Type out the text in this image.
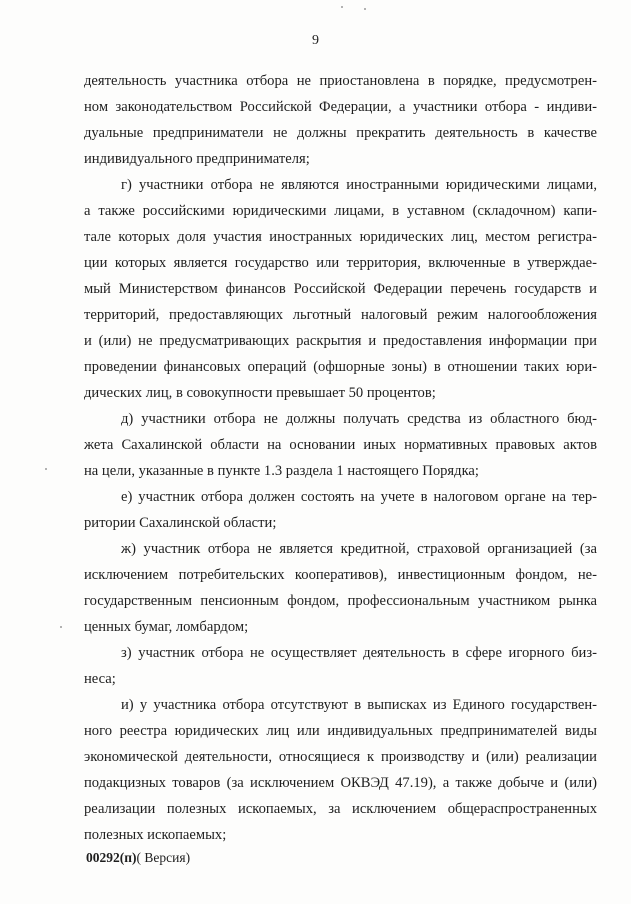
9
деятельность участника отбора не приостановлена в порядке, предусмотрен-
ном законодательством Российской Федерации, а участники отбора - индиви-
дуальные предприниматели не должны прекратить деятельность в качестве
индивидуального предпринимателя;
г) участники отбора не являются иностранными юридическими лицами,
а также российскими юридическими лицами, в уставном (складочном) капи-
тале которых доля участия иностранных юридических лиц, местом регистра-
ции которых является государство или территория, включенные в утверждае-
мый Министерством финансов Российской Федерации перечень государств и
территорий, предоставляющих льготный налоговый режим налогообложения
и (или) не предусматривающих раскрытия и предоставления информации при
проведении финансовых операций (офшорные зоны) в отношении таких юри-
дических лиц, в совокупности превышает 50 процентов;
д) участники отбора не должны получать средства из областного бюд-
жета Сахалинской области на основании иных нормативных правовых актов
на цели, указанные в пункте 1.3 раздела 1 настоящего Порядка;
е) участник отбора должен состоять на учете в налоговом органе на тер-
ритории Сахалинской области;
ж) участник отбора не является кредитной, страховой организацией (за
исключением потребительских кооперативов), инвестиционным фондом, не-
государственным пенсионным фондом, профессиональным участником рынка
ценных бумаг, ломбардом;
з) участник отбора не осуществляет деятельность в сфере игорного биз-
неса;
и) у участника отбора отсутствуют в выписках из Единого государствен-
ного реестра юридических лиц или индивидуальных предпринимателей виды
экономической деятельности, относящиеся к производству и (или) реализации
подакцизных товаров (за исключением ОКВЭД 47.19), а также добыче и (или)
реализации полезных ископаемых, за исключением общераспространенных
полезных ископаемых;
00292(п)( Версия)
